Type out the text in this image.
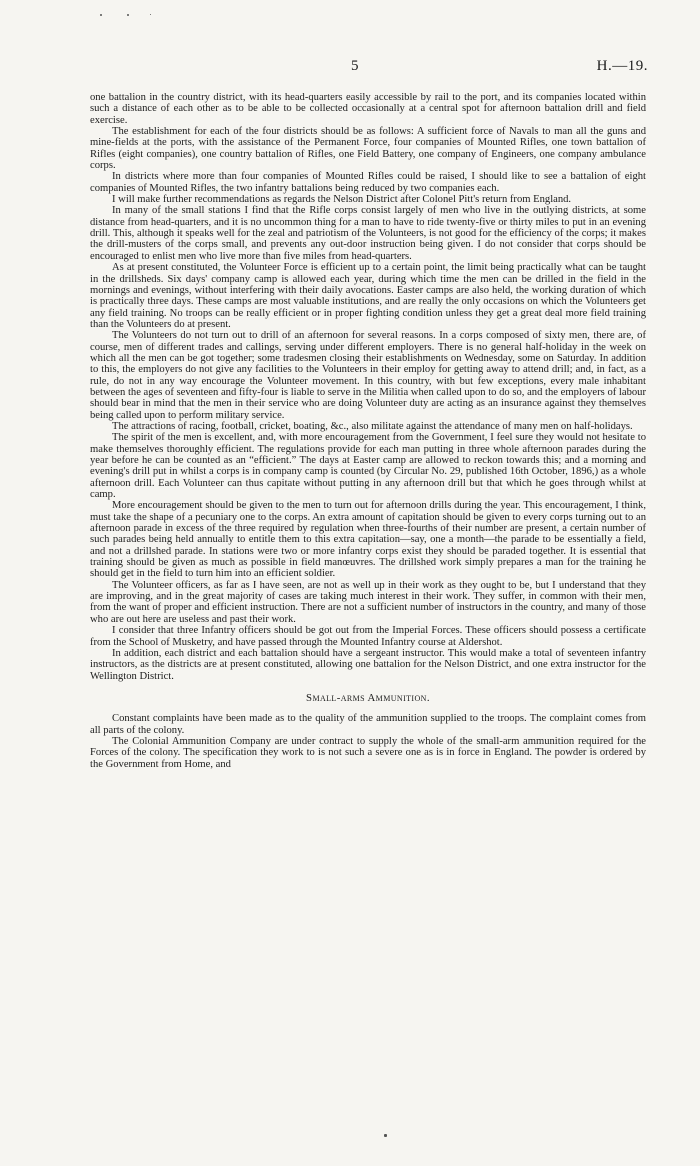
5	H.—19.

one battalion in the country district, with its head-quarters easily accessible by rail to the port, and its companies located within such a distance of each other as to be able to be collected occasionally at a central spot for afternoon battalion drill and field exercise.

The establishment for each of the four districts should be as follows: A sufficient force of Navals to man all the guns and mine-fields at the ports, with the assistance of the Permanent Force, four companies of Mounted Rifles, one town battalion of Rifles (eight companies), one country battalion of Rifles, one Field Battery, one company of Engineers, one company ambulance corps.

In districts where more than four companies of Mounted Rifles could be raised, I should like to see a battalion of eight companies of Mounted Rifles, the two infantry battalions being reduced by two companies each.

I will make further recommendations as regards the Nelson District after Colonel Pitt's return from England.

In many of the small stations I find that the Rifle corps consist largely of men who live in the outlying districts, at some distance from head-quarters, and it is no uncommon thing for a man to have to ride twenty-five or thirty miles to put in an evening drill. This, although it speaks well for the zeal and patriotism of the Volunteers, is not good for the efficiency of the corps; it makes the drill-musters of the corps small, and prevents any out-door instruction being given. I do not consider that corps should be encouraged to enlist men who live more than five miles from head-quarters.

As at present constituted, the Volunteer Force is efficient up to a certain point, the limit being practically what can be taught in the drillsheds. Six days' company camp is allowed each year, during which time the men can be drilled in the field in the mornings and evenings, without interfering with their daily avocations. Easter camps are also held, the working duration of which is practically three days. These camps are most valuable institutions, and are really the only occasions on which the Volunteers get any field training. No troops can be really efficient or in proper fighting condition unless they get a great deal more field training than the Volunteers do at present.

The Volunteers do not turn out to drill of an afternoon for several reasons. In a corps composed of sixty men, there are, of course, men of different trades and callings, serving under different employers. There is no general half-holiday in the week on which all the men can be got together; some tradesmen closing their establishments on Wednesday, some on Saturday. In addition to this, the employers do not give any facilities to the Volunteers in their employ for getting away to attend drill; and, in fact, as a rule, do not in any way encourage the Volunteer movement. In this country, with but few exceptions, every male inhabitant between the ages of seventeen and fifty-four is liable to serve in the Militia when called upon to do so, and the employers of labour should bear in mind that the men in their service who are doing Volunteer duty are acting as an insurance against they themselves being called upon to perform military service.

The attractions of racing, football, cricket, boating, &c., also militate against the attendance of many men on half-holidays.

The spirit of the men is excellent, and, with more encouragement from the Government, I feel sure they would not hesitate to make themselves thoroughly efficient. The regulations provide for each man putting in three whole afternoon parades during the year before he can be counted as an “efficient.” The days at Easter camp are allowed to reckon towards this; and a morning and evening's drill put in whilst a corps is in company camp is counted (by Circular No. 29, published 16th October, 1896,) as a whole afternoon drill. Each Volunteer can thus capitate without putting in any afternoon drill but that which he goes through whilst at camp.

More encouragement should be given to the men to turn out for afternoon drills during the year. This encouragement, I think, must take the shape of a pecuniary one to the corps. An extra amount of capitation should be given to every corps turning out to an afternoon parade in excess of the three required by regulation when three-fourths of their number are present, a certain number of such parades being held annually to entitle them to this extra capitation—say, one a month—the parade to be essentially a field, and not a drillshed parade. In stations were two or more infantry corps exist they should be paraded together. It is essential that training should be given as much as possible in field manœuvres. The drillshed work simply prepares a man for the training he should get in the field to turn him into an efficient soldier.

The Volunteer officers, as far as I have seen, are not as well up in their work as they ought to be, but I understand that they are improving, and in the great majority of cases are taking much interest in their work. They suffer, in common with their men, from the want of proper and efficient instruction. There are not a sufficient number of instructors in the country, and many of those who are out here are useless and past their work.

I consider that three Infantry officers should be got out from the Imperial Forces. These officers should possess a certificate from the School of Musketry, and have passed through the Mounted Infantry course at Aldershot.

In addition, each district and each battalion should have a sergeant instructor. This would make a total of seventeen infantry instructors, as the districts are at present constituted, allowing one battalion for the Nelson District, and one extra instructor for the Wellington District.

Small-arms Ammunition.

Constant complaints have been made as to the quality of the ammunition supplied to the troops. The complaint comes from all parts of the colony.

The Colonial Ammunition Company are under contract to supply the whole of the small-arm ammunition required for the Forces of the colony. The specification they work to is not such a severe one as is in force in England. The powder is ordered by the Government from Home, and
